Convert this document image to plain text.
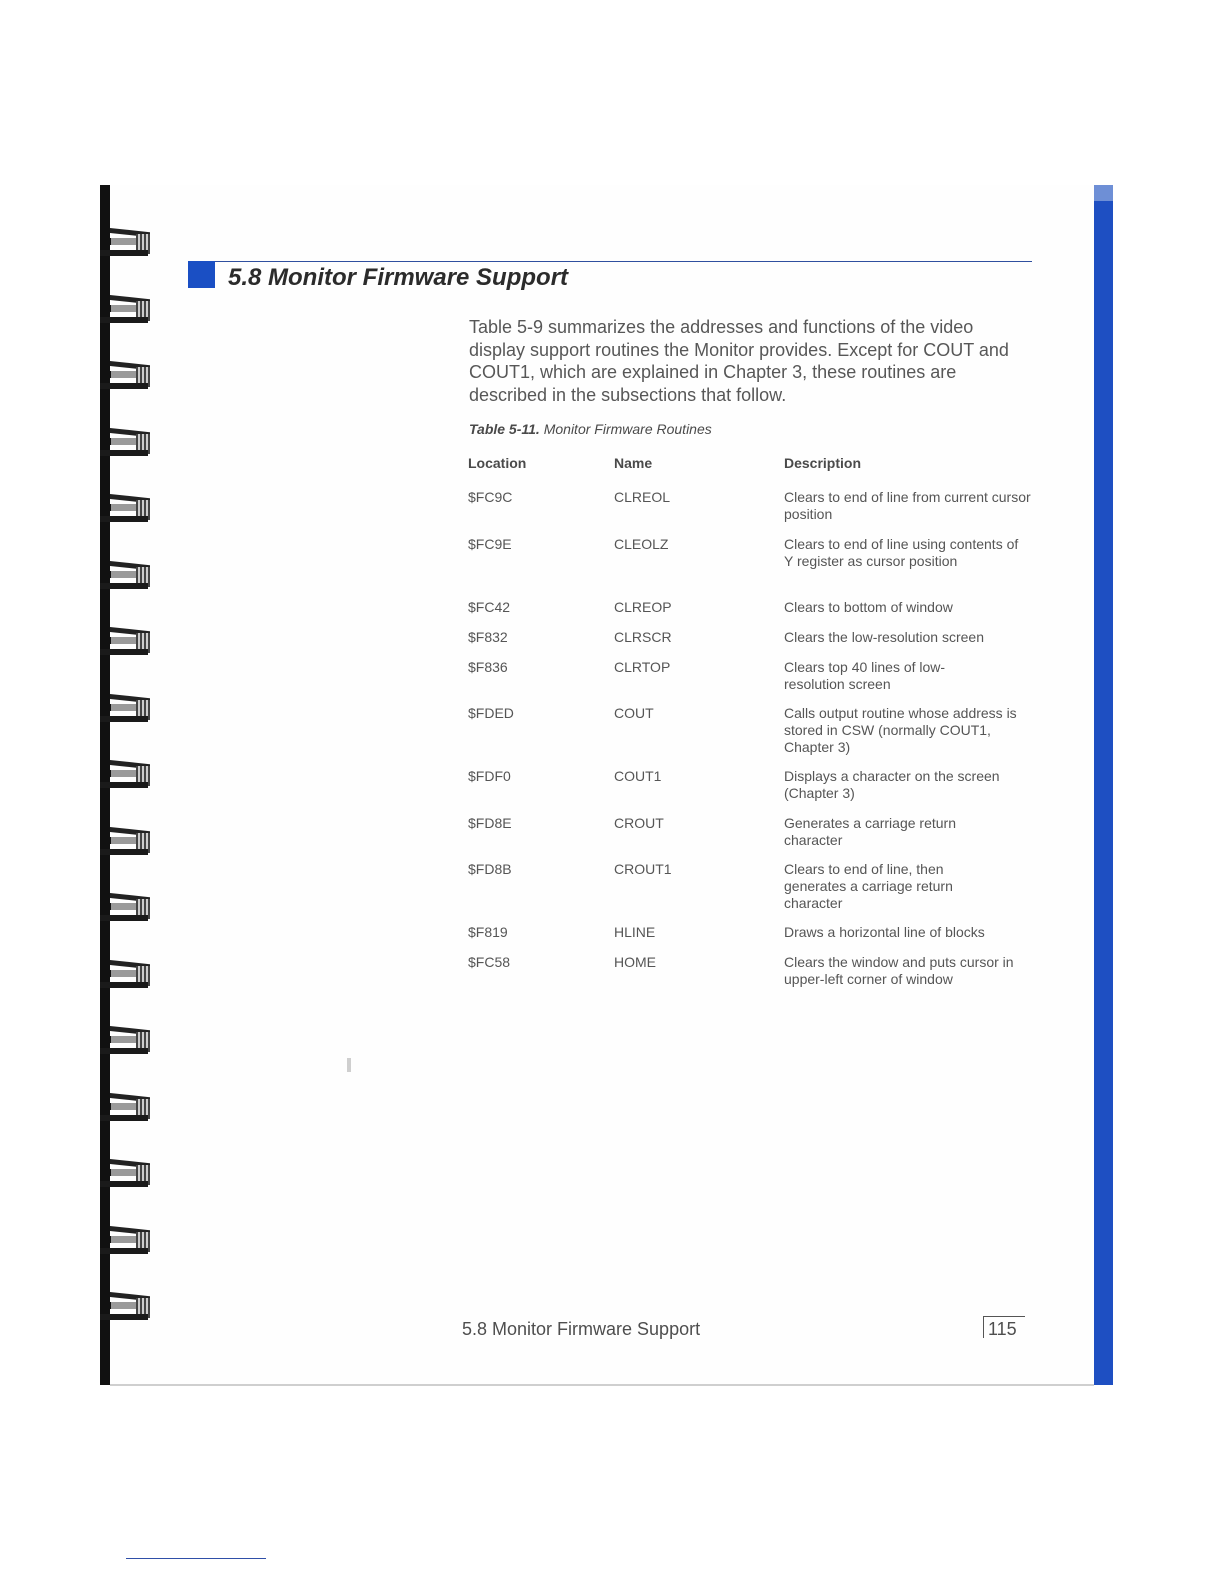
5.8 Monitor Firmware Support

Table 5-9 summarizes the addresses and functions of the video display support routines the Monitor provides. Except for COUT and COUT1, which are explained in Chapter 3, these routines are described in the subsections that follow.

Table 5-11. Monitor Firmware Routines

Location	Name	Description

$FC9C	CLREOL	Clears to end of line from current cursor position

$FC9E	CLEOLZ	Clears to end of line using contents of Y register as cursor position

$FC42	CLREOP	Clears to bottom of window

$F832	CLRSCR	Clears the low-resolution screen

$F836	CLRTOP	Clears top 40 lines of low-resolution screen

$FDED	COUT	Calls output routine whose address is stored in CSW (normally COUT1, Chapter 3)

$FDF0	COUT1	Displays a character on the screen (Chapter 3)

$FD8E	CROUT	Generates a carriage return character

$FD8B	CROUT1	Clears to end of line, then generates a carriage return character

$F819	HLINE	Draws a horizontal line of blocks

$FC58	HOME	Clears the window and puts cursor in upper-left corner of window

5.8 Monitor Firmware Support	115
